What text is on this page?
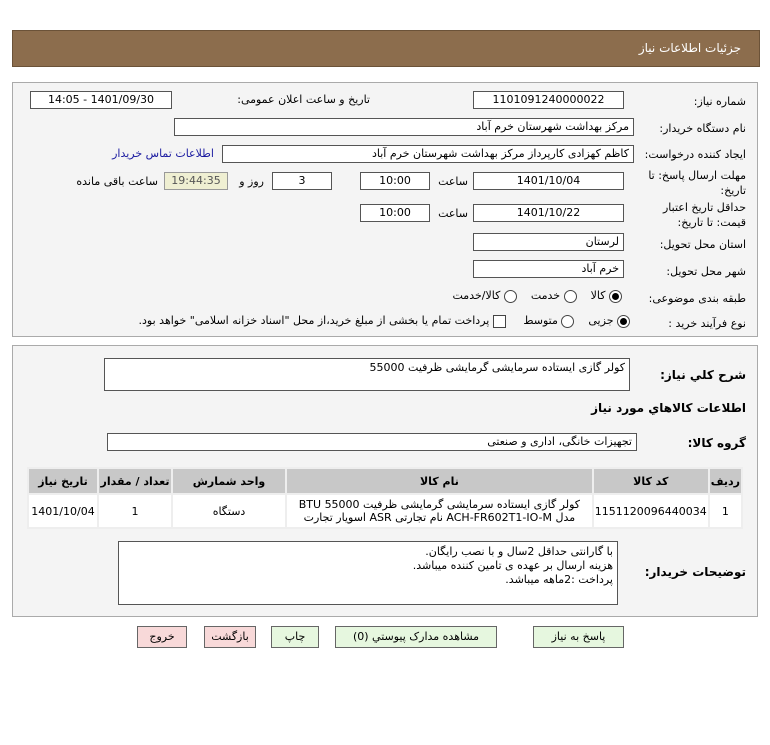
جزئیات اطلاعات نیاز
شماره نیاز:
1101091240000022
تاریخ و ساعت اعلان عمومی:
1401/09/30 - 14:05
نام دستگاه خریدار:
مرکز بهداشت شهرستان خرم آباد
ایجاد کننده درخواست:
کاظم کهزادی کارپرداز مرکز بهداشت شهرستان خرم آباد
اطلاعات تماس خریدار
مهلت ارسال پاسخ: تا تاریخ:
1401/10/04
ساعت
10:00
3
روز و
19:44:35
ساعت باقی مانده
حداقل تاریخ اعتبار قیمت: تا تاریخ:
1401/10/22
ساعت
10:00
استان محل تحویل:
لرستان
شهر محل تحویل:
خرم آباد
طبقه بندی موضوعی:
کالا     خدمت     کالا/خدمت
نوع فرآیند خرید :
جزیی     متوسط      پرداخت تمام یا بخشی از مبلغ خرید،از محل "اسناد خزانه اسلامی" خواهد بود.
شرح کلي نياز:
کولر گازی ایستاده سرمایشی گرمایشی ظرفیت 55000
اطلاعات کالاهاي مورد نياز
گروه کالا:
تجهیزات خانگی، اداری و صنعتی
ردیف	کد کالا	نام کالا	واحد شمارش	تعداد / مقدار	تاریخ نیاز
1	1151120096440034	کولر گازی ایستاده سرمایشی گرمایشی ظرفیت 55000 BTU
مدل ACH-FR602T1-IO-M نام تجارتی ASR اسویار تجارت	دستگاه	1	1401/10/04
توضیحات خریدار:
با گارانتی حداقل 2سال و با نصب رایگان.
هزینه ارسال بر عهده ی تامین کننده میباشد.
پرداخت :2ماهه میباشد.
پاسخ به نیاز
مشاهده مدارک پیوستي (0)
چاپ
بازگشت
خروج
